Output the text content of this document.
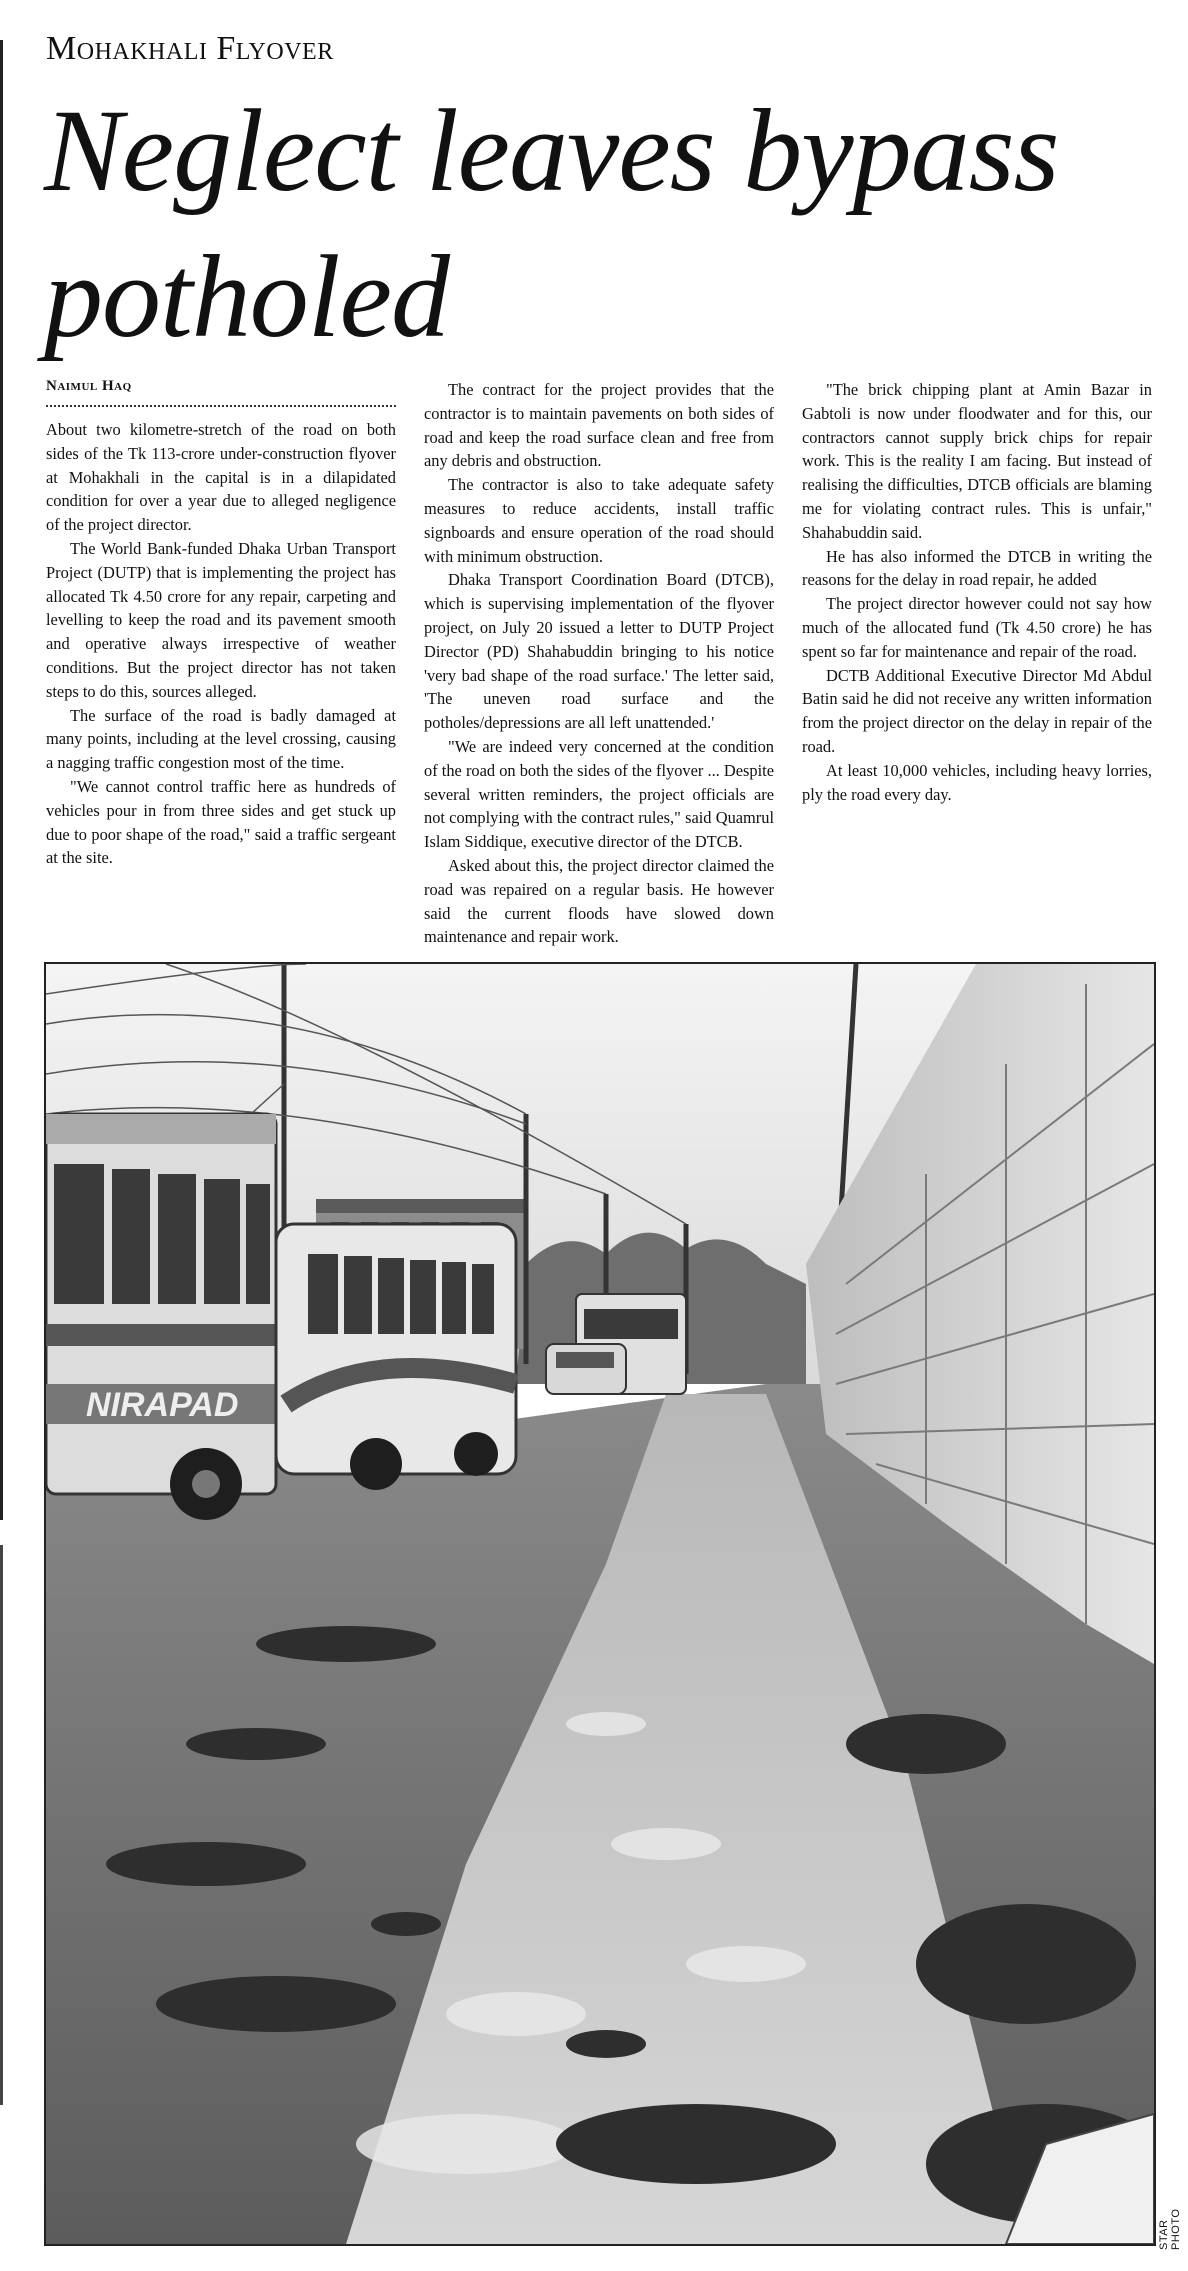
Mohakhali Flyover
Neglect leaves bypass potholed
Naimul Haq

About two kilometre-stretch of the road on both sides of the Tk 113-crore under-construction flyover at Mohakhali in the capital is in a dilapidated condition for over a year due to alleged negligence of the project director.

The World Bank-funded Dhaka Urban Transport Project (DUTP) that is implementing the project has allocated Tk 4.50 crore for any repair, carpeting and levelling to keep the road and its pavement smooth and operative always irrespective of weather conditions. But the project director has not taken steps to do this, sources alleged.

The surface of the road is badly damaged at many points, including at the level crossing, causing a nagging traffic congestion most of the time.

"We cannot control traffic here as hundreds of vehicles pour in from three sides and get stuck up due to poor shape of the road," said a traffic sergeant at the site.

The contract for the project provides that the contractor is to maintain pavements on both sides of road and keep the road surface clean and free from any debris and obstruction.

The contractor is also to take adequate safety measures to reduce accidents, install traffic signboards and ensure operation of the road should with minimum obstruction.

Dhaka Transport Coordination Board (DTCB), which is supervising implementation of the flyover project, on July 20 issued a letter to DUTP Project Director (PD) Shahabuddin bringing to his notice 'very bad shape of the road surface.' The letter said, 'The uneven road surface and the potholes/depressions are all left unattended.'

"We are indeed very concerned at the condition of the road on both the sides of the flyover ... Despite several written reminders, the project officials are not complying with the contract rules," said Quamrul Islam Siddique, executive director of the DTCB.

Asked about this, the project director claimed the road was repaired on a regular basis. He however said the current floods have slowed down maintenance and repair work.

"The brick chipping plant at Amin Bazar in Gabtoli is now under floodwater and for this, our contractors cannot supply brick chips for repair work. This is the reality I am facing. But instead of realising the difficulties, DTCB officials are blaming me for violating contract rules. This is unfair," Shahabuddin said.

He has also informed the DTCB in writing the reasons for the delay in road repair, he added

The project director however could not say how much of the allocated fund (Tk 4.50 crore) he has spent so far for maintenance and repair of the road.

DCTB Additional Executive Director Md Abdul Batin said he did not receive any written information from the project director on the delay in repair of the road.

At least 10,000 vehicles, including heavy lorries, ply the road every day.

NIRAPAD
STAR PHOTO
